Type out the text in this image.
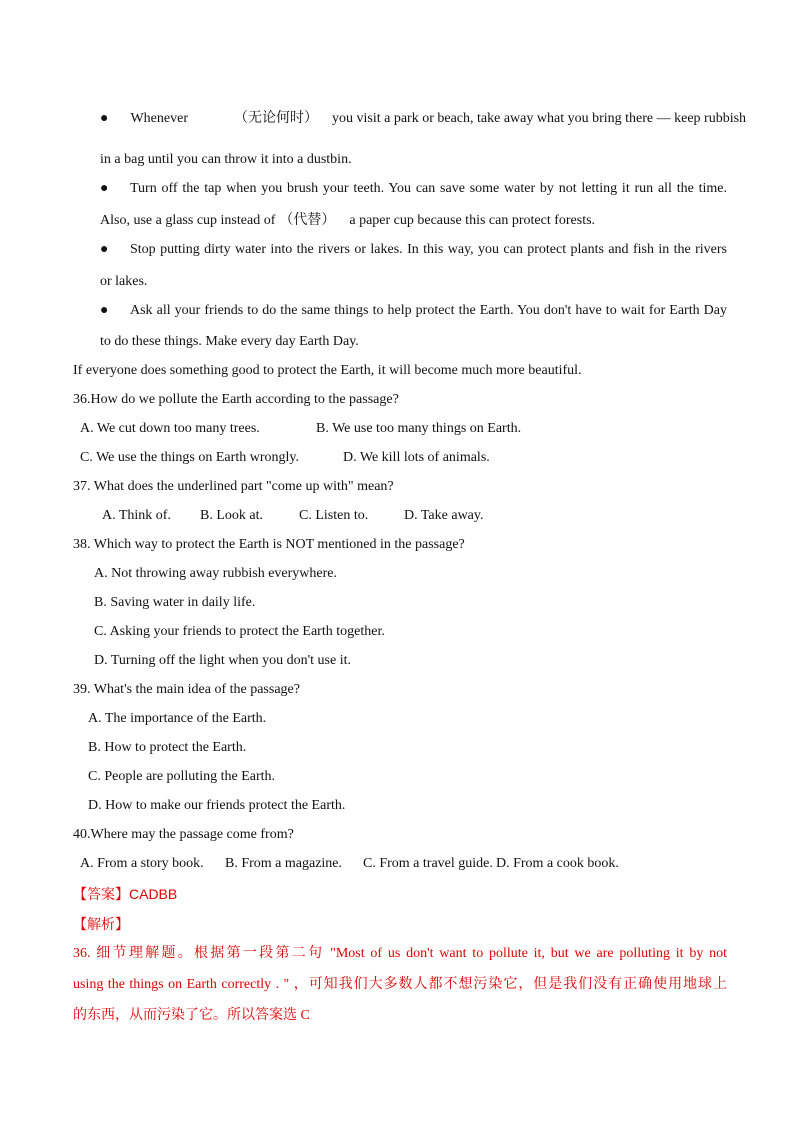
● Whenever	（无论何时） you visit a park or beach, take away what you bring there — keep rubbish
in a bag until you can throw it into a dustbin.
● Turn off the tap when you brush your teeth. You can save some water by not letting it run all the time.
Also, use a glass cup instead of （代替） a paper cup because this can protect forests.
● Stop putting dirty water into the rivers or lakes. In this way, you can protect plants and fish in the rivers
or lakes.
● Ask all your friends to do the same things to help protect the Earth. You don't have to wait for Earth Day
to do these things. Make every day Earth Day.
If everyone does something good to protect the Earth, it will become much more beautiful.
36.How do we pollute the Earth according to the passage?
A. We cut down too many trees.	B. We use too many things on Earth.
C. We use the things on Earth wrongly.	D. We kill lots of animals.
37. What does the underlined part "come up with" mean?
A. Think of. B. Look at.	C. Listen to.	D. Take away.
38. Which way to protect the Earth is NOT mentioned in the passage?
A. Not throwing away rubbish everywhere.
B. Saving water in daily life.
C. Asking your friends to protect the Earth together.
D. Turning off the light when you don't use it.
39. What's the main idea of the passage?
A. The importance of the Earth.
B. How to protect the Earth.
C. People are polluting the Earth.
D. How to make our friends protect the Earth.
40.Where may the passage come from?
A. From a story book. B. From a magazine. C. From a travel guide. D. From a cook book.
【答案】CADBB
【解析】
36. 细节理解题。根据第一段第二句 "Most of us don't want to pollute it, but we are polluting it by not
using the things on Earth correctly . " ，可知我们大多数人都不想污染它，但是我们没有正确使用地球上
的东西，从而污染了它。所以答案选 C
